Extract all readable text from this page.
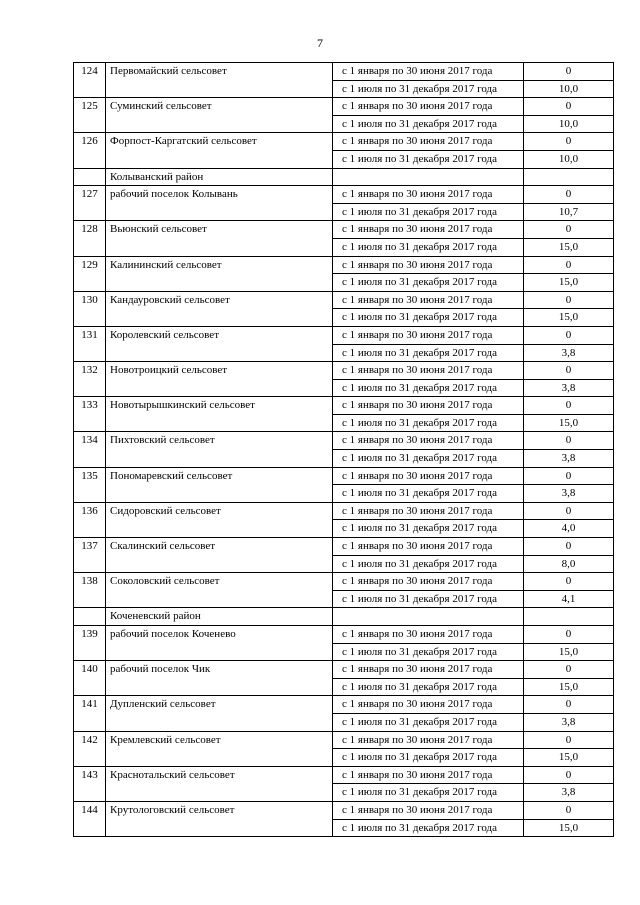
7
124	Первомайский сельсовет	с 1 января по 30 июня 2017 года	0
		с 1 июля по 31 декабря 2017 года	10,0
125	Суминский сельсовет	с 1 января по 30 июня 2017 года	0
		с 1 июля по 31 декабря 2017 года	10,0
126	Форпост-Каргатский сельсовет	с 1 января по 30 июня 2017 года	0
		с 1 июля по 31 декабря 2017 года	10,0
	Колыванский район		
127	рабочий поселок Колывань	с 1 января по 30 июня 2017 года	0
		с 1 июля по 31 декабря 2017 года	10,7
128	Вьюнский сельсовет	с 1 января по 30 июня 2017 года	0
		с 1 июля по 31 декабря 2017 года	15,0
129	Калининский сельсовет	с 1 января по 30 июня 2017 года	0
		с 1 июля по 31 декабря 2017 года	15,0
130	Кандауровский сельсовет	с 1 января по 30 июня 2017 года	0
		с 1 июля по 31 декабря 2017 года	15,0
131	Королевский сельсовет	с 1 января по 30 июня 2017 года	0
		с 1 июля по 31 декабря 2017 года	3,8
132	Новотроицкий сельсовет	с 1 января по 30 июня 2017 года	0
		с 1 июля по 31 декабря 2017 года	3,8
133	Новотырышкинский сельсовет	с 1 января по 30 июня 2017 года	0
		с 1 июля по 31 декабря 2017 года	15,0
134	Пихтовский сельсовет	с 1 января по 30 июня 2017 года	0
		с 1 июля по 31 декабря 2017 года	3,8
135	Пономаревский сельсовет	с 1 января по 30 июня 2017 года	0
		с 1 июля по 31 декабря 2017 года	3,8
136	Сидоровский сельсовет	с 1 января по 30 июня 2017 года	0
		с 1 июля по 31 декабря 2017 года	4,0
137	Скалинский сельсовет	с 1 января по 30 июня 2017 года	0
		с 1 июля по 31 декабря 2017 года	8,0
138	Соколовский сельсовет	с 1 января по 30 июня 2017 года	0
		с 1 июля по 31 декабря 2017 года	4,1
	Коченевский район		
139	рабочий поселок Коченево	с 1 января по 30 июня 2017 года	0
		с 1 июля по 31 декабря 2017 года	15,0
140	рабочий поселок Чик	с 1 января по 30 июня 2017 года	0
		с 1 июля по 31 декабря 2017 года	15,0
141	Дупленский сельсовет	с 1 января по 30 июня 2017 года	0
		с 1 июля по 31 декабря 2017 года	3,8
142	Кремлевский сельсовет	с 1 января по 30 июня 2017 года	0
		с 1 июля по 31 декабря 2017 года	15,0
143	Краснотальский сельсовет	с 1 января по 30 июня 2017 года	0
		с 1 июля по 31 декабря 2017 года	3,8
144	Крутологовский сельсовет	с 1 января по 30 июня 2017 года	0
		с 1 июля по 31 декабря 2017 года	15,0
